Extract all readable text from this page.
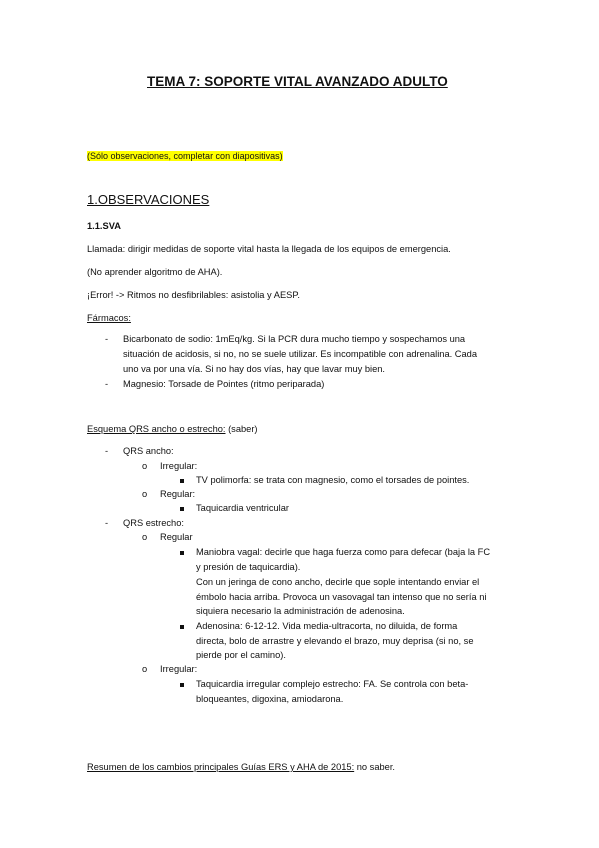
TEMA 7: SOPORTE VITAL AVANZADO ADULTO
(Sólo observaciones, completar con diapositivas)
1.OBSERVACIONES
1.1.SVA
Llamada: dirigir medidas de soporte vital hasta la llegada de los equipos de emergencia.
(No aprender algoritmo de AHA).
¡Error! -> Ritmos no desfibrilables: asistolia y AESP.
Fármacos:
- Bicarbonato de sodio: 1mEq/kg. Si la PCR dura mucho tiempo y sospechamos una
situación de acidosis, si no, no se suele utilizar. Es incompatible con adrenalina. Cada
uno va por una vía. Si no hay dos vías, hay que lavar muy bien.
- Magnesio: Torsade de Pointes (ritmo periparada)
Esquema QRS ancho o estrecho: (saber)
- QRS ancho:
o Irregular:
TV polimorfa: se trata con magnesio, como el torsades de pointes.
o Regular:
Taquicardia ventricular
- QRS estrecho:
o Regular
Maniobra vagal: decirle que haga fuerza como para defecar (baja la FC
y presión de taquicardia).
Con un jeringa de cono ancho, decirle que sople intentando enviar el
émbolo hacia arriba. Provoca un vasovagal tan intenso que no sería ni
siquiera necesario la administración de adenosina.
Adenosina: 6-12-12. Vida media-ultracorta, no diluida, de forma
directa, bolo de arrastre y elevando el brazo, muy deprisa (si no, se
pierde por el camino).
o Irregular:
Taquicardia irregular complejo estrecho: FA. Se controla con beta-
bloqueantes, digoxina, amiodarona.
Resumen de los cambios principales Guías ERS y AHA de 2015: no saber.
